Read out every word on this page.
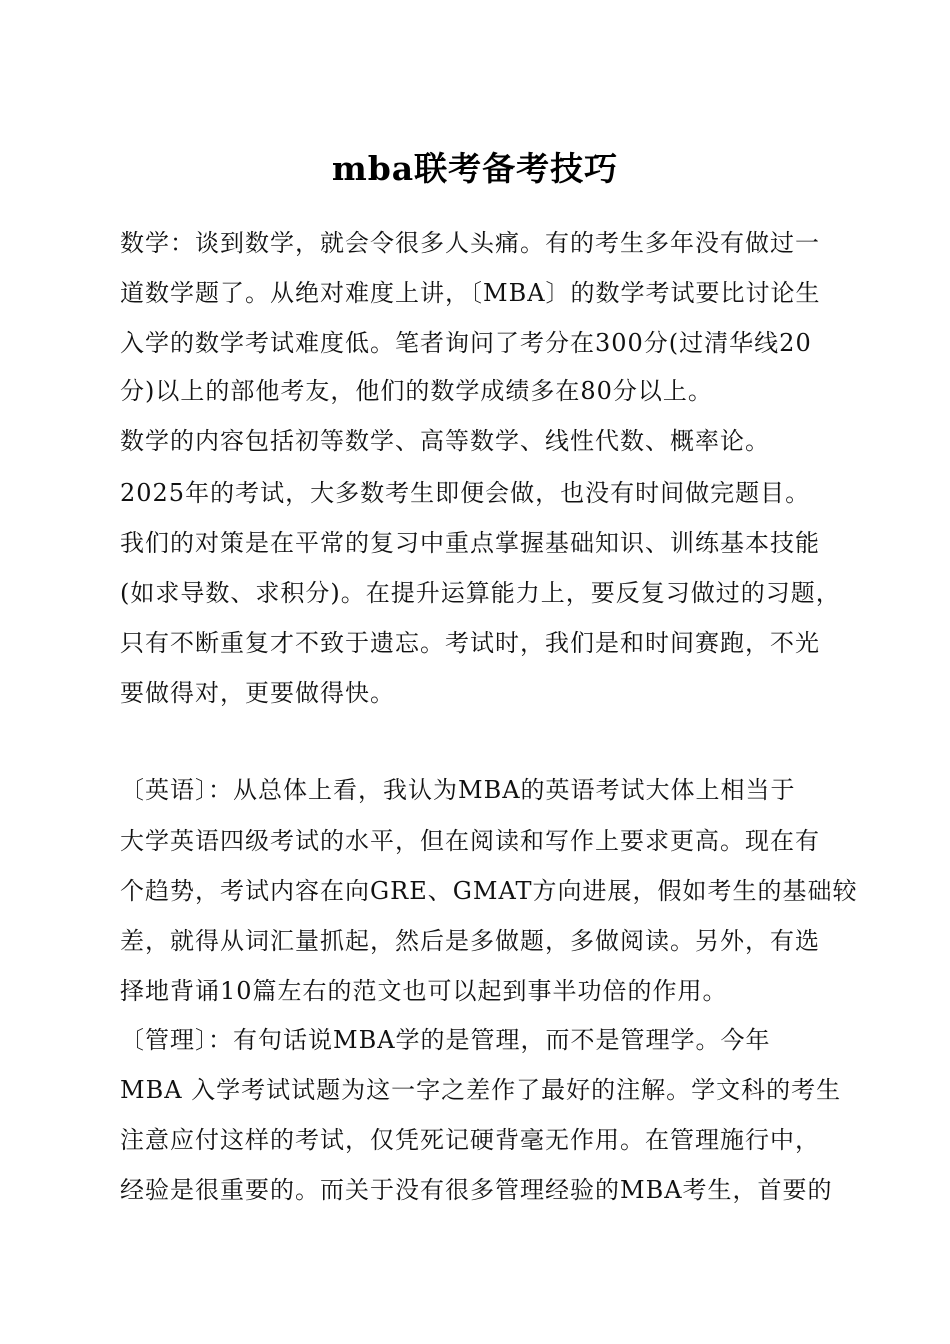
mba联考备考技巧
数学：谈到数学，就会令很多人头痛。有的考生多年没有做过一
道数学题了。从绝对难度上讲，〔MBA〕的数学考试要比讨论生
入学的数学考试难度低。笔者询问了考分在300分(过清华线20
分)以上的部他考友，他们的数学成绩多在80分以上。
数学的内容包括初等数学、高等数学、线性代数、概率论。
2025年的考试，大多数考生即便会做，也没有时间做完题目。
我们的对策是在平常的复习中重点掌握基础知识、训练基本技能
(如求导数、求积分)。在提升运算能力上，要反复习做过的习题，
只有不断重复才不致于遗忘。考试时，我们是和时间赛跑，不光
要做得对，更要做得快。
〔英语〕：从总体上看，我认为MBA的英语考试大体上相当于
大学英语四级考试的水平，但在阅读和写作上要求更高。现在有
个趋势，考试内容在向GRE、GMAT方向进展，假如考生的基础较
差，就得从词汇量抓起，然后是多做题，多做阅读。另外，有选
择地背诵10篇左右的范文也可以起到事半功倍的作用。
〔管理〕：有句话说MBA学的是管理，而不是管理学。今年
MBA 入学考试试题为这一字之差作了最好的注解。学文科的考生
注意应付这样的考试，仅凭死记硬背毫无作用。在管理施行中，
经验是很重要的。而关于没有很多管理经验的MBA考生，首要的
